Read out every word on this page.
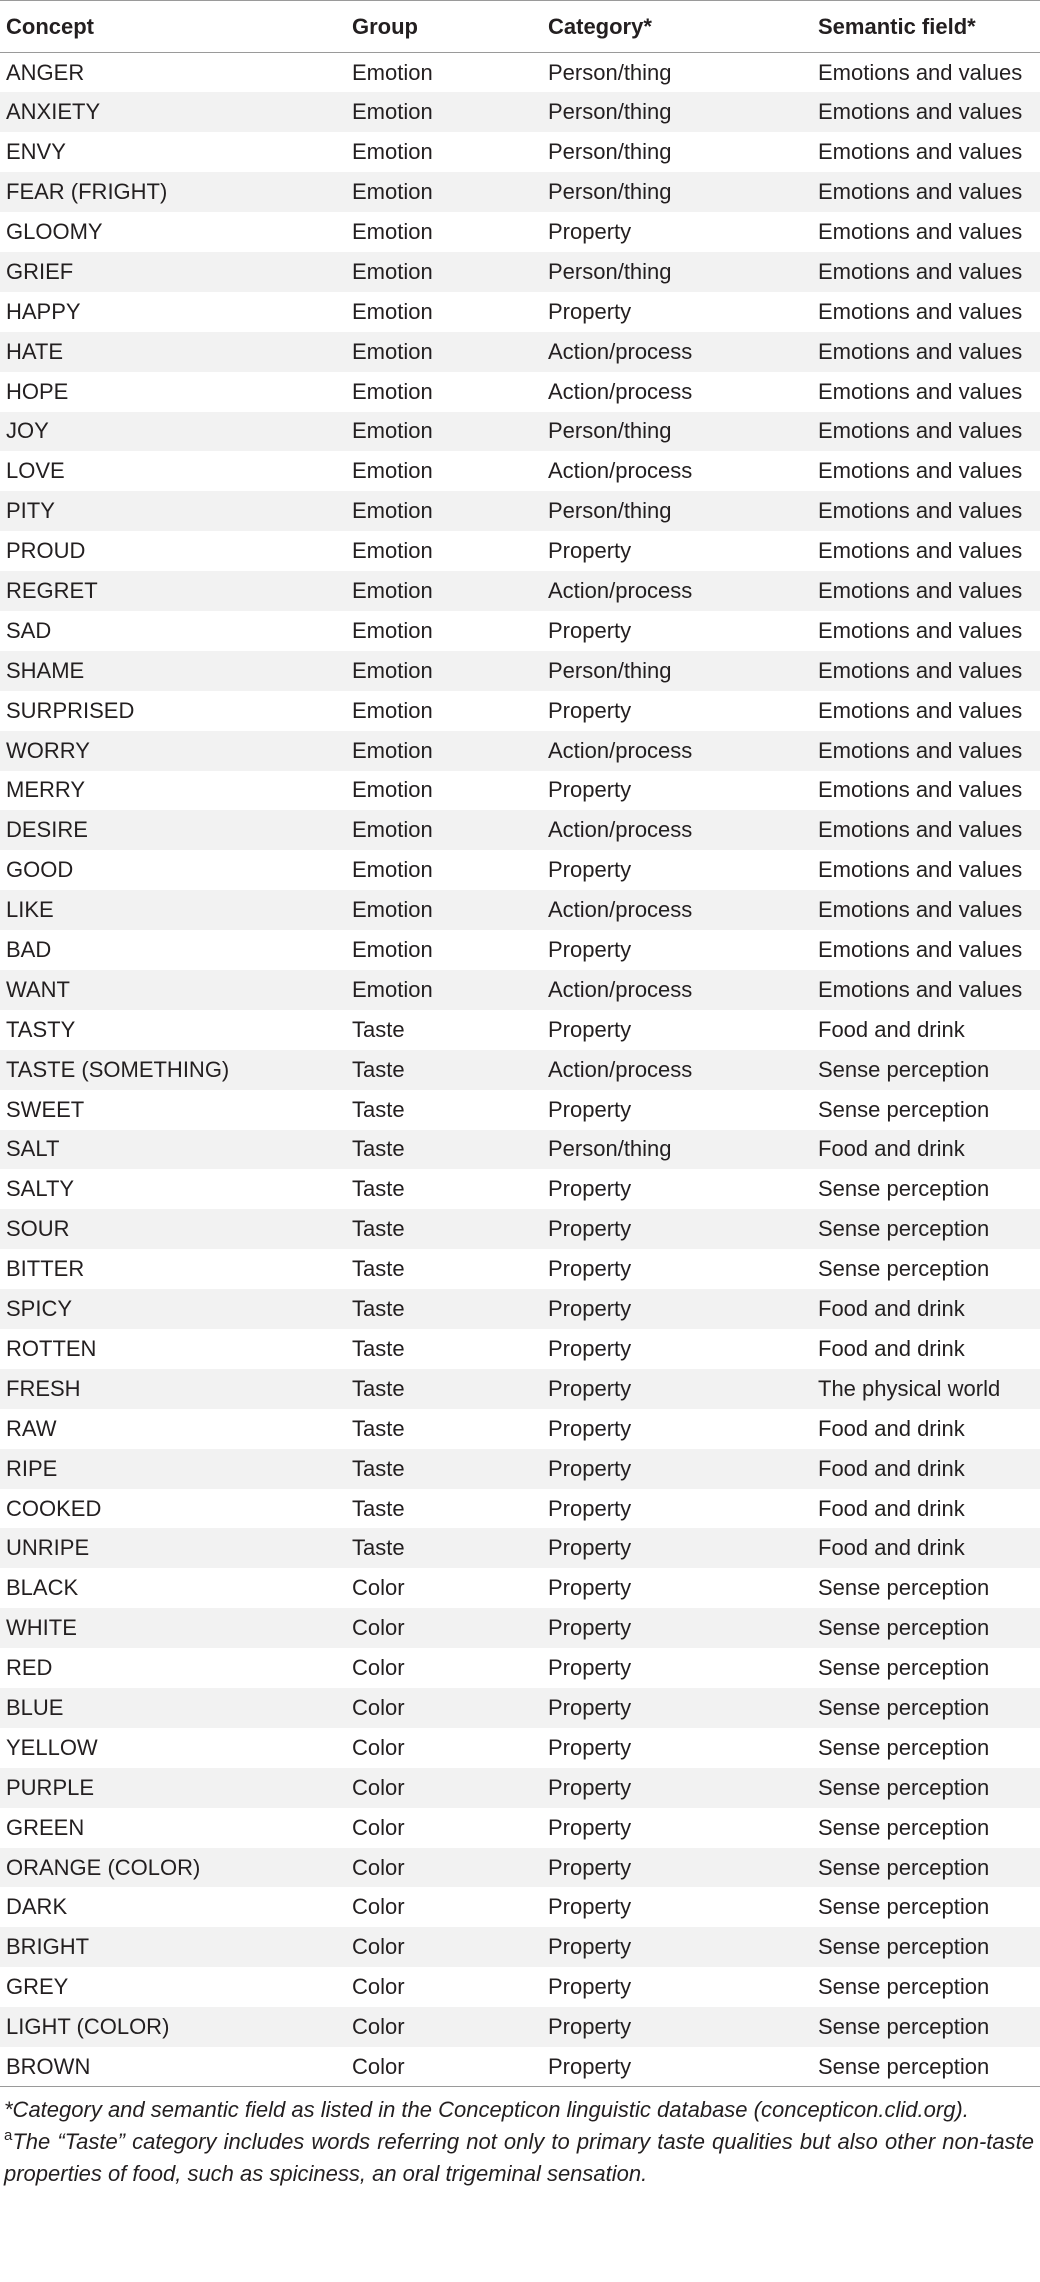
Concept	Group	Category*	Semantic field*
ANGER	Emotion	Person/thing	Emotions and values
ANXIETY	Emotion	Person/thing	Emotions and values
ENVY	Emotion	Person/thing	Emotions and values
FEAR (FRIGHT)	Emotion	Person/thing	Emotions and values
GLOOMY	Emotion	Property	Emotions and values
GRIEF	Emotion	Person/thing	Emotions and values
HAPPY	Emotion	Property	Emotions and values
HATE	Emotion	Action/process	Emotions and values
HOPE	Emotion	Action/process	Emotions and values
JOY	Emotion	Person/thing	Emotions and values
LOVE	Emotion	Action/process	Emotions and values
PITY	Emotion	Person/thing	Emotions and values
PROUD	Emotion	Property	Emotions and values
REGRET	Emotion	Action/process	Emotions and values
SAD	Emotion	Property	Emotions and values
SHAME	Emotion	Person/thing	Emotions and values
SURPRISED	Emotion	Property	Emotions and values
WORRY	Emotion	Action/process	Emotions and values
MERRY	Emotion	Property	Emotions and values
DESIRE	Emotion	Action/process	Emotions and values
GOOD	Emotion	Property	Emotions and values
LIKE	Emotion	Action/process	Emotions and values
BAD	Emotion	Property	Emotions and values
WANT	Emotion	Action/process	Emotions and values
TASTY	Taste	Property	Food and drink
TASTE (SOMETHING)	Taste	Action/process	Sense perception
SWEET	Taste	Property	Sense perception
SALT	Taste	Person/thing	Food and drink
SALTY	Taste	Property	Sense perception
SOUR	Taste	Property	Sense perception
BITTER	Taste	Property	Sense perception
SPICY	Taste	Property	Food and drink
ROTTEN	Taste	Property	Food and drink
FRESH	Taste	Property	The physical world
RAW	Taste	Property	Food and drink
RIPE	Taste	Property	Food and drink
COOKED	Taste	Property	Food and drink
UNRIPE	Taste	Property	Food and drink
BLACK	Color	Property	Sense perception
WHITE	Color	Property	Sense perception
RED	Color	Property	Sense perception
BLUE	Color	Property	Sense perception
YELLOW	Color	Property	Sense perception
PURPLE	Color	Property	Sense perception
GREEN	Color	Property	Sense perception
ORANGE (COLOR)	Color	Property	Sense perception
DARK	Color	Property	Sense perception
BRIGHT	Color	Property	Sense perception
GREY	Color	Property	Sense perception
LIGHT (COLOR)	Color	Property	Sense perception
BROWN	Color	Property	Sense perception

*Category and semantic field as listed in the Concepticon linguistic database (concepticon.clid.org).

$^a$The “Taste” category includes words referring not only to primary taste qualities but also other non-taste properties of food, such as spiciness, an oral trigeminal sensation.
